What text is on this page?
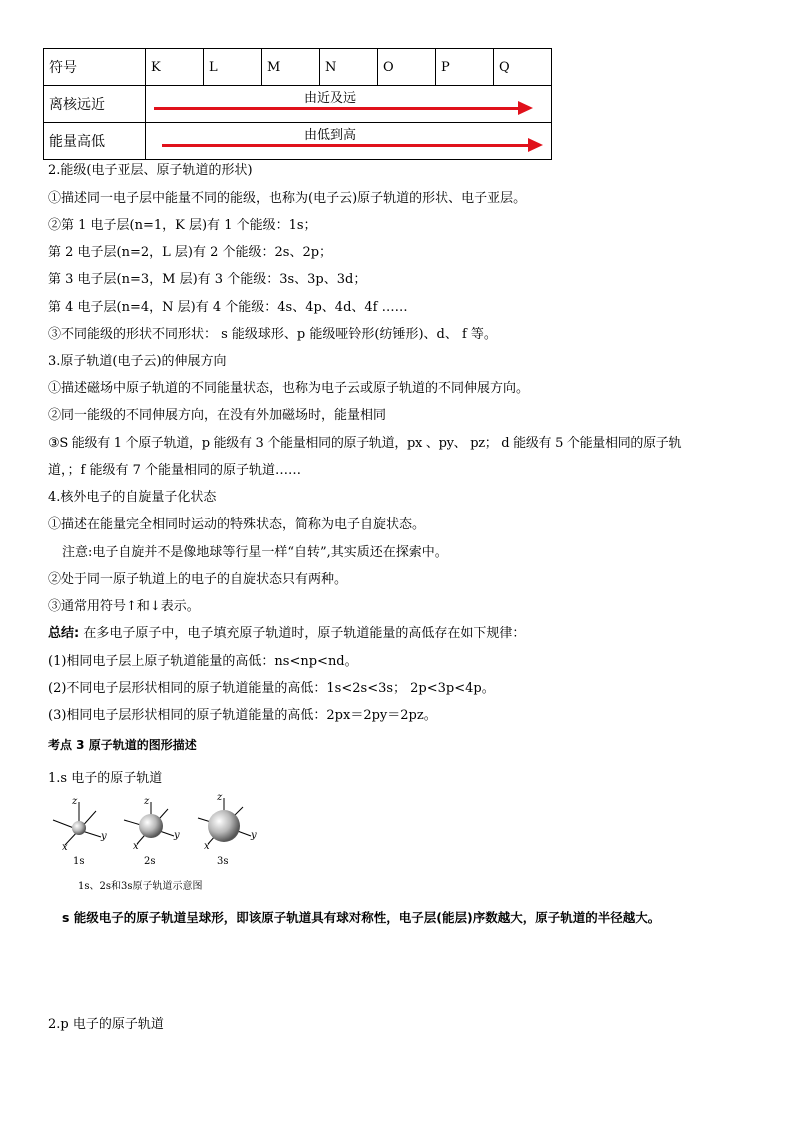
符号	K	L	M	N	O	P	Q
离核远近	由近及远						

能量高低	由低到高						
2.能级(电子亚层、原子轨道的形状)
①描述同一电子层中能量不同的能级，也称为(电子云)原子轨道的形状、电子亚层。
②第 1 电子层(n=1，K 层)有 1 个能级：1s；
第 2 电子层(n=2，L 层)有 2 个能级：2s、2p；
第 3 电子层(n=3，M 层)有 3 个能级：3s、3p、3d；
第 4 电子层(n=4，N 层)有 4 个能级：4s、4p、4d、4f ……
③不同能级的形状不同形状： s 能级球形、p 能级哑铃形(纺锤形)、d、 f 等。
3.原子轨道(电子云)的伸展方向
①描述磁场中原子轨道的不同能量状态，也称为电子云或原子轨道的不同伸展方向。
②同一能级的不同伸展方向，在没有外加磁场时，能量相同
③S 能级有 1 个原子轨道，p 能级有 3 个能量相同的原子轨道，px 、py、 pz； d 能级有 5 个能量相同的原子轨
道，；f 能级有 7 个能量相同的原子轨道……
4.核外电子的自旋量子化状态
①描述在能量完全相同时运动的特殊状态，简称为电子自旋状态。
注意:电子自旋并不是像地球等行星一样“自转”,其实质还在探索中。
②处于同一原子轨道上的电子的自旋状态只有两种。
③通常用符号↑和↓表示。
总结: 在多电子原子中，电子填充原子轨道时，原子轨道能量的高低存在如下规律：
(1)相同电子层上原子轨道能量的高低：ns<np<nd。
(2)不同电子层形状相同的原子轨道能量的高低：1s<2s<3s； 2p<3p<4p。
(3)相同电子层形状相同的原子轨道能量的高低：2px＝2py＝2pz。
考点 3 原子轨道的图形描述
1.s 电子的原子轨道
z
y
x
z
y
x
z
y
x
1s	2s	3s
1s、2s和3s原子轨道示意图
s 能级电子的原子轨道呈球形，即该原子轨道具有球对称性，电子层(能层)序数越大，原子轨道的半径越大。
2.p 电子的原子轨道
